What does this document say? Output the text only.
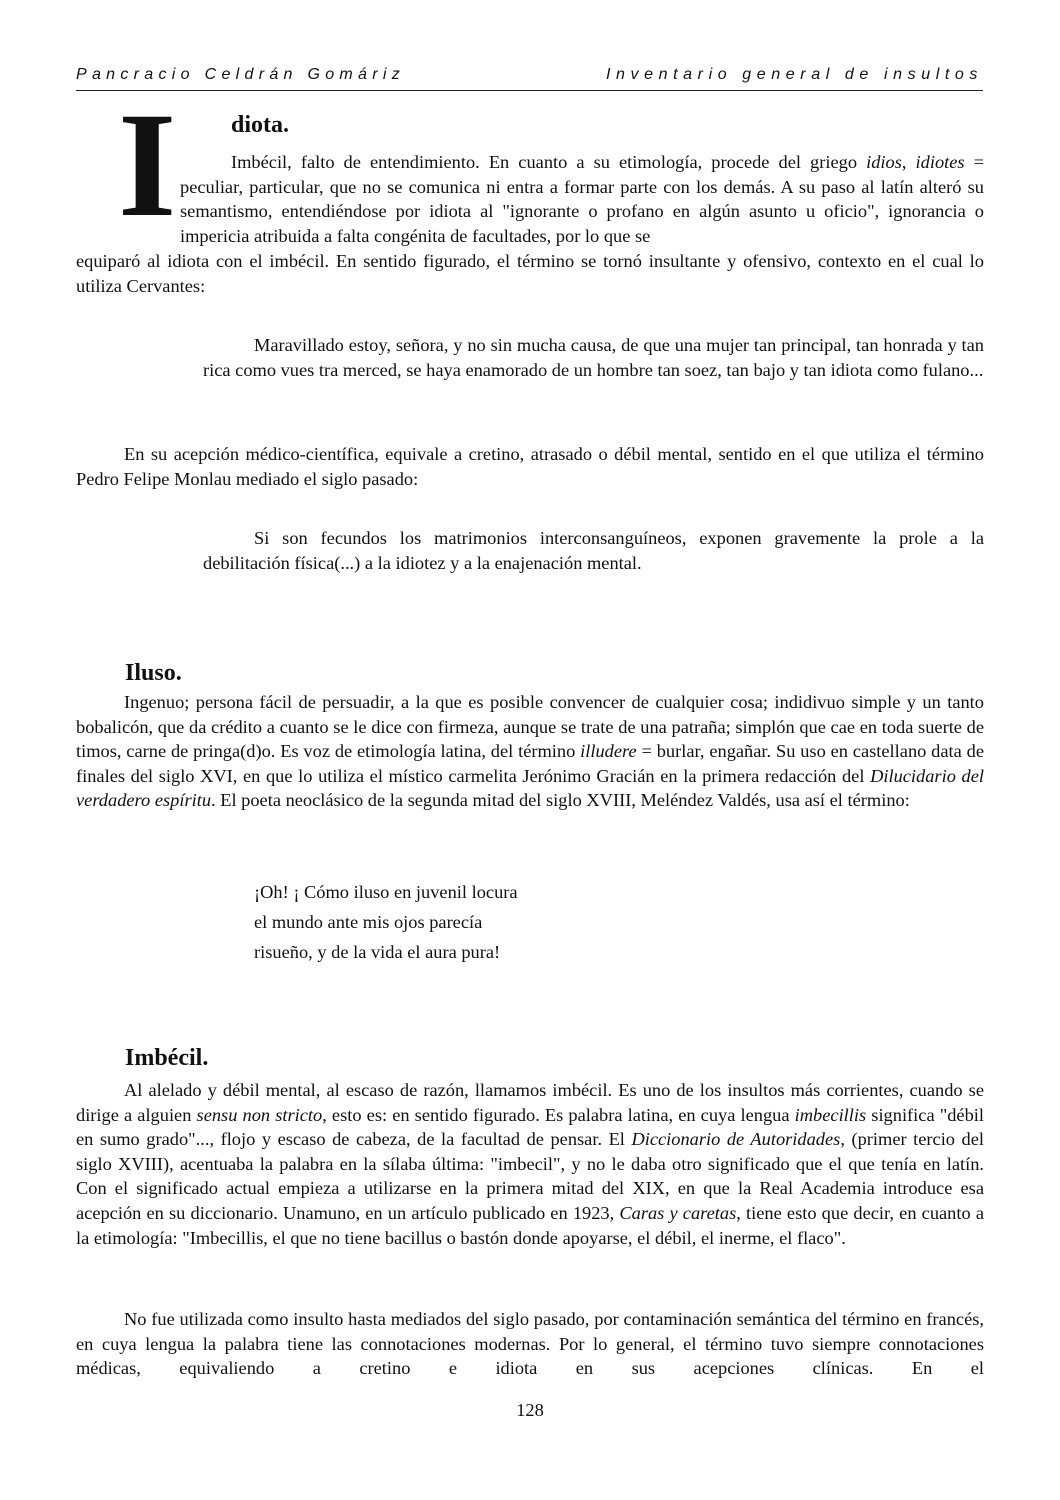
Pancracio Celdrán Gomáriz	Inventario general de insultos
I diota.

Imbécil, falto de entendimiento. En cuanto a su etimología, procede del griego idios, idiotes = peculiar, particular, que no se comunica ni entra a formar parte con los demás. A su paso al latín alteró su semantismo, entendiéndose por idiota al "ignorante o profano en algún asunto u oficio", ignorancia o impericia atribuida a falta congénita de facultades, por lo que se

equiparó al idiota con el imbécil. En sentido figurado, el término se tornó insultante y ofensivo, contexto en el cual lo utiliza Cervantes:

Maravillado estoy, señora, y no sin mucha causa, de que una mujer tan principal, tan honrada y tan rica como vues tra merced, se haya enamorado de un hombre tan soez, tan bajo y tan idiota como fulano...

En su acepción médico-científica, equivale a cretino, atrasado o débil mental, sentido en el que utiliza el término Pedro Felipe Monlau mediado el siglo pasado:

Si son fecundos los matrimonios interconsanguíneos, exponen gravemente la prole a la debilitación física(...) a la idiotez y a la enajenación mental.

Iluso.

Ingenuo; persona fácil de persuadir, a la que es posible convencer de cualquier cosa; indidivuo simple y un tanto bobalicón, que da crédito a cuanto se le dice con firmeza, aunque se trate de una patraña; simplón que cae en toda suerte de timos, carne de pringa(d)o. Es voz de etimología latina, del término illudere = burlar, engañar. Su uso en castellano data de finales del siglo XVI, en que lo utiliza el místico carmelita Jerónimo Gracián en la primera redacción del Dilucidario del verdadero espíritu. El poeta neoclásico de la segunda mitad del siglo XVIII, Meléndez Valdés, usa así el término:

¡Oh! ¡ Cómo iluso en juvenil locura
el mundo ante mis ojos parecía
risueño, y de la vida el aura pura!
Imbécil.

Al alelado y débil mental, al escaso de razón, llamamos imbécil. Es uno de los insultos más corrientes, cuando se dirige a alguien sensu non stricto, esto es: en sentido figurado. Es palabra latina, en cuya lengua imbecillis significa "débil en sumo grado"..., flojo y escaso de cabeza, de la facultad de pensar. El Diccionario de Autoridades, (primer tercio del siglo XVIII), acentuaba la palabra en la sílaba última: "imbecil", y no le daba otro significado que el que tenía en latín. Con el significado actual empieza a utilizarse en la primera mitad del XIX, en que la Real Academia introduce esa acepción en su diccionario. Unamuno, en un artículo publicado en 1923, Caras y caretas, tiene esto que decir, en cuanto a la etimología: "Imbecillis, el que no tiene bacillus o bastón donde apoyarse, el débil, el inerme, el flaco".

No fue utilizada como insulto hasta mediados del siglo pasado, por contaminación semántica del término en francés, en cuya lengua la palabra tiene las connotaciones modernas. Por lo general, el término tuvo siempre connotaciones médicas, equivaliendo a cretino e idiota en sus acepciones clínicas. En el

128
